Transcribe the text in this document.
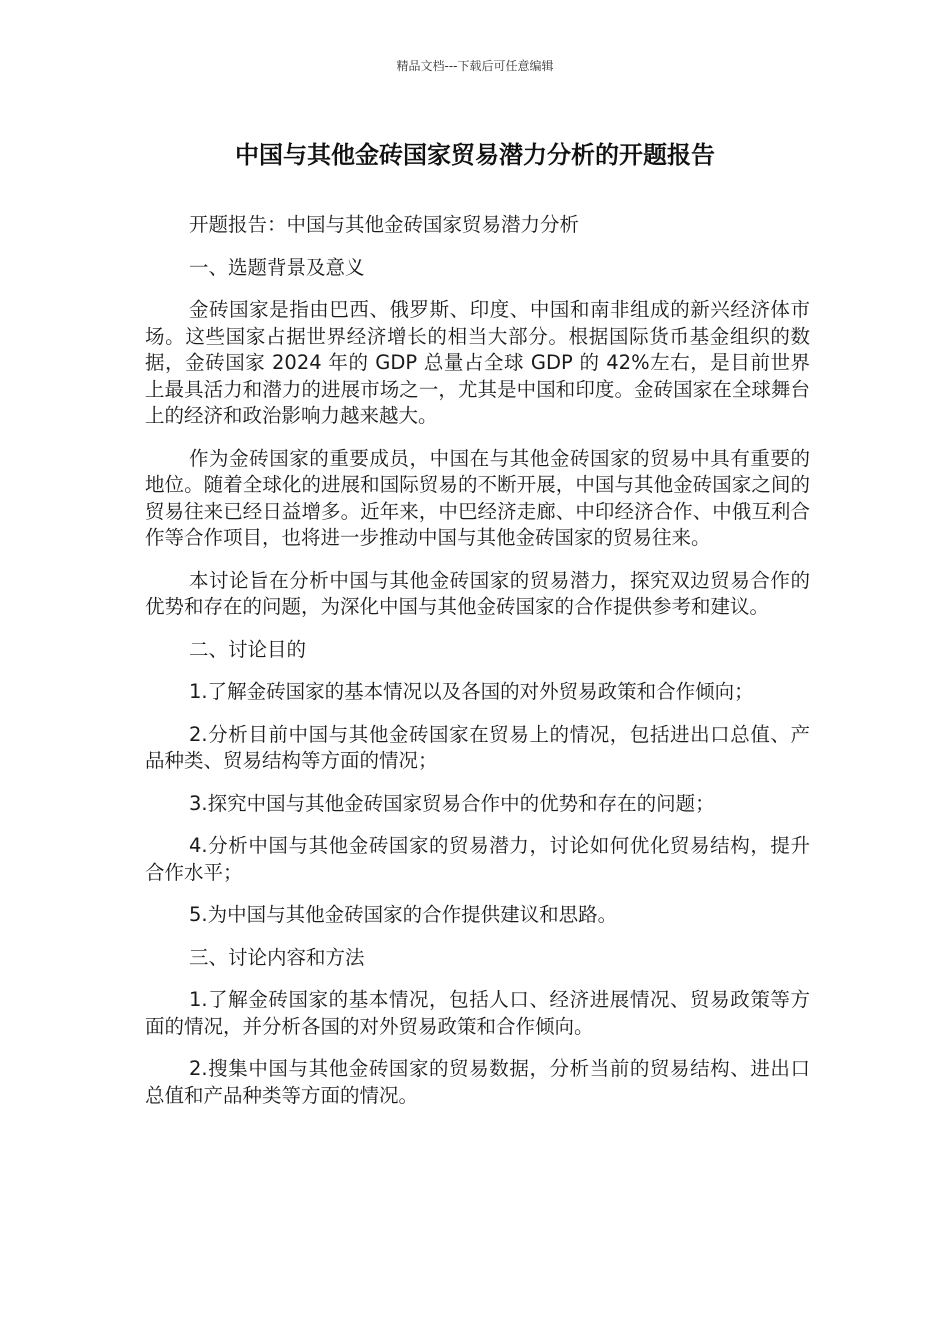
精品文档---下载后可任意编辑
中国与其他金砖国家贸易潜力分析的开题报告

开题报告：中国与其他金砖国家贸易潜力分析

一、选题背景及意义

金砖国家是指由巴西、俄罗斯、印度、中国和南非组成的新兴经济体市场。这些国家占据世界经济增长的相当大部分。根据国际货币基金组织的数据，金砖国家 2024 年的 GDP 总量占全球 GDP 的 42%左右，是目前世界上最具活力和潜力的进展市场之一，尤其是中国和印度。金砖国家在全球舞台上的经济和政治影响力越来越大。

作为金砖国家的重要成员，中国在与其他金砖国家的贸易中具有重要的地位。随着全球化的进展和国际贸易的不断开展，中国与其他金砖国家之间的贸易往来已经日益增多。近年来，中巴经济走廊、中印经济合作、中俄互利合作等合作项目，也将进一步推动中国与其他金砖国家的贸易往来。

本讨论旨在分析中国与其他金砖国家的贸易潜力，探究双边贸易合作的优势和存在的问题，为深化中国与其他金砖国家的合作提供参考和建议。

二、讨论目的

1.了解金砖国家的基本情况以及各国的对外贸易政策和合作倾向；

2.分析目前中国与其他金砖国家在贸易上的情况，包括进出口总值、产品种类、贸易结构等方面的情况；

3.探究中国与其他金砖国家贸易合作中的优势和存在的问题；

4.分析中国与其他金砖国家的贸易潜力，讨论如何优化贸易结构，提升合作水平；

5.为中国与其他金砖国家的合作提供建议和思路。

三、讨论内容和方法

1.了解金砖国家的基本情况，包括人口、经济进展情况、贸易政策等方面的情况，并分析各国的对外贸易政策和合作倾向。

2.搜集中国与其他金砖国家的贸易数据，分析当前的贸易结构、进出口总值和产品种类等方面的情况。
